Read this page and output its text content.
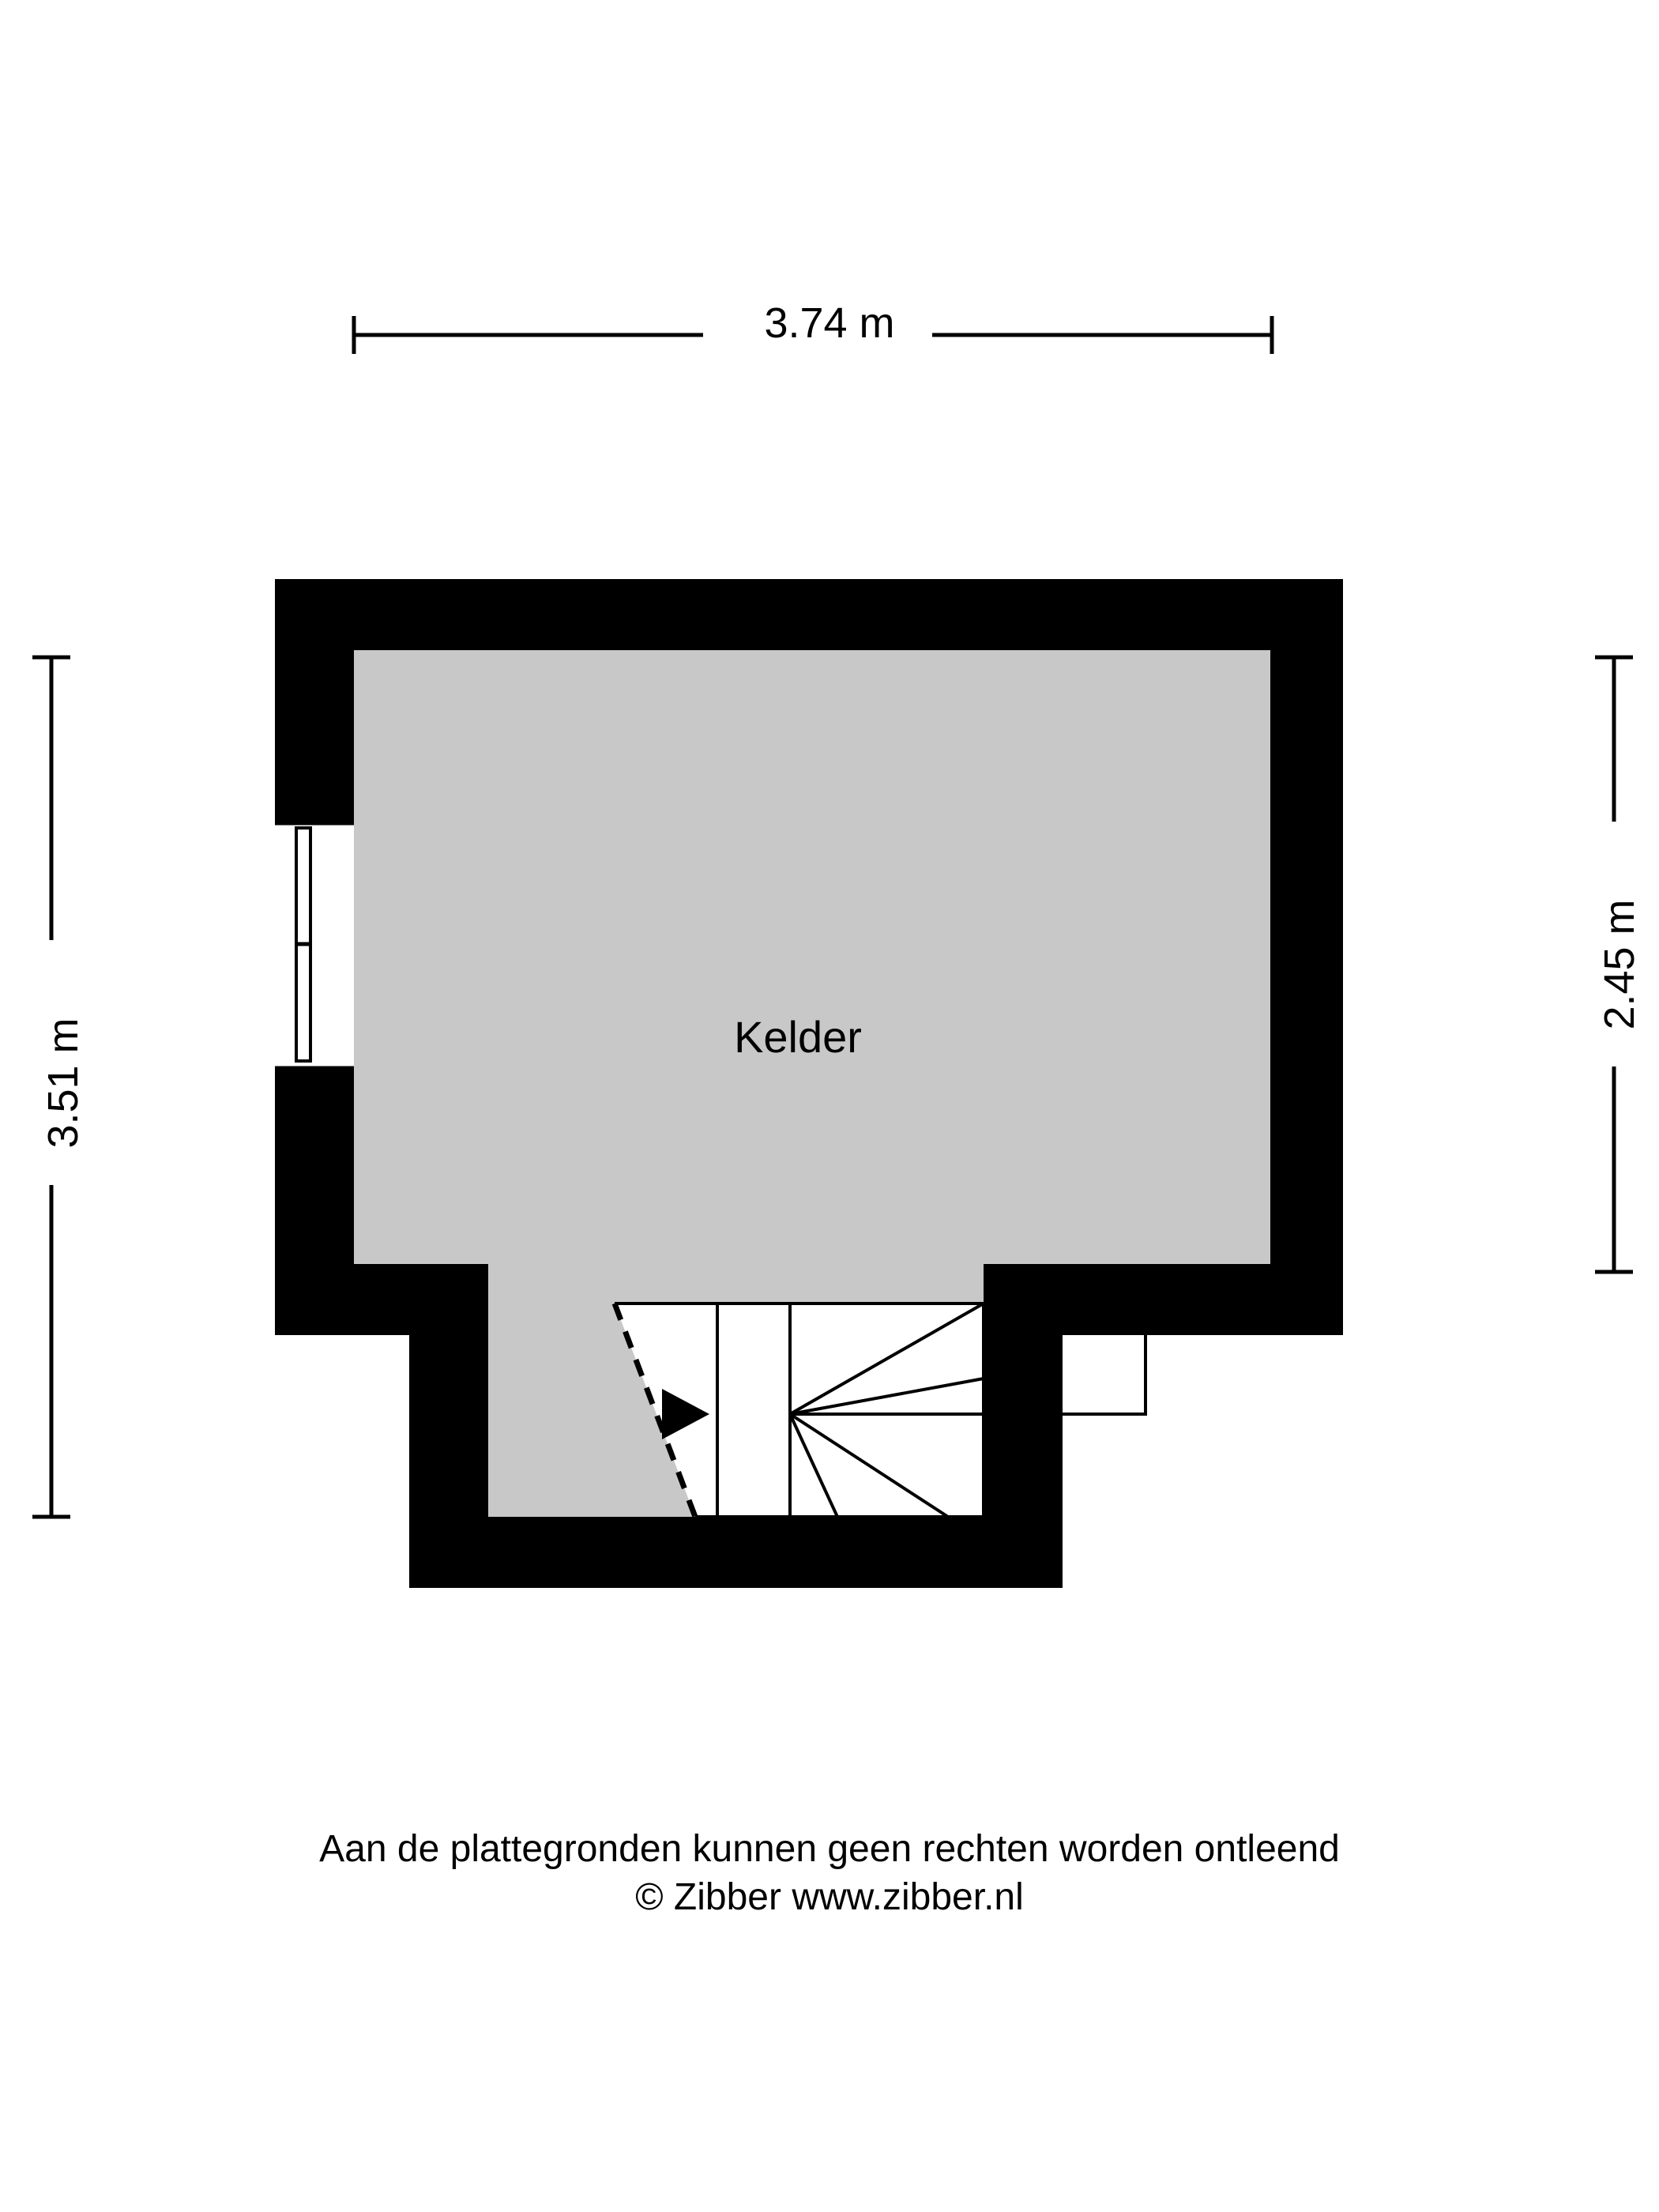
3.74 m
3.51 m
2.45 m
Kelder
Aan de plattegronden kunnen geen rechten worden ontleend
© Zibber www.zibber.nl
